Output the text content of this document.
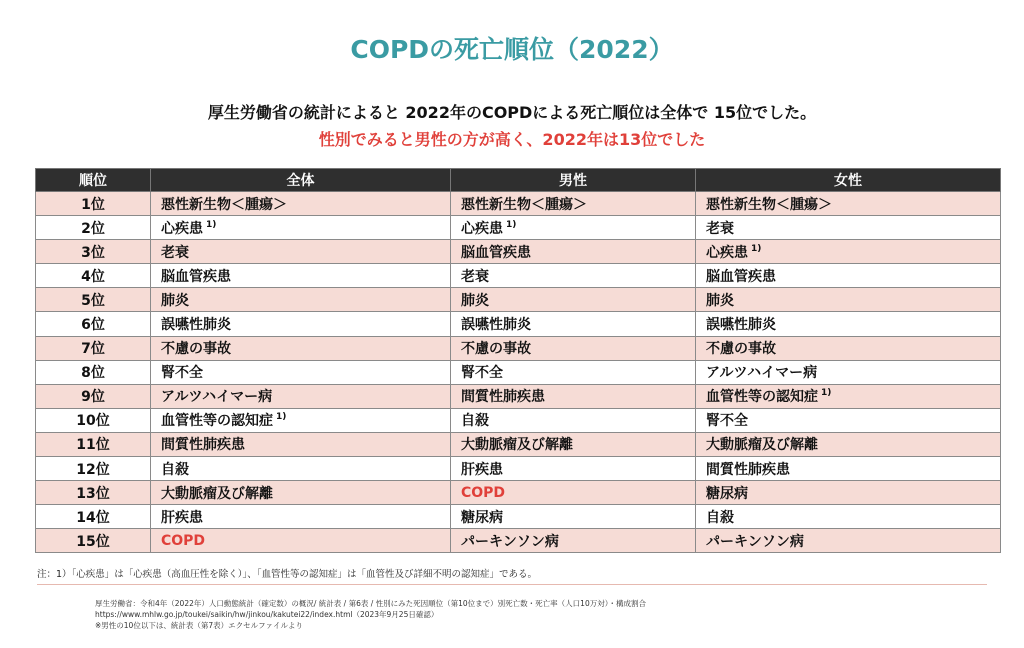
COPDの死亡順位（2022）
厚生労働省の統計によると 2022年のCOPDによる死亡順位は全体で 15位でした。
性別でみると男性の方が高く、2022年は13位でした
順位	全体	男性	女性
1位	悪性新生物＜腫瘍＞	悪性新生物＜腫瘍＞	悪性新生物＜腫瘍＞
2位	心疾患 $^{1)}$	心疾患 $^{1)}$	老衰
3位	老衰	脳血管疾患	心疾患 $^{1)}$
4位	脳血管疾患	老衰	脳血管疾患
5位	肺炎	肺炎	肺炎
6位	誤嚥性肺炎	誤嚥性肺炎	誤嚥性肺炎
7位	不慮の事故	不慮の事故	不慮の事故
8位	腎不全	腎不全	アルツハイマー病
9位	アルツハイマー病	間質性肺疾患	血管性等の認知症 $^{1)}$
10位	血管性等の認知症 $^{1)}$	自殺	腎不全
11位	間質性肺疾患	大動脈瘤及び解離	大動脈瘤及び解離
12位	自殺	肝疾患	間質性肺疾患
13位	大動脈瘤及び解離	COPD	糖尿病
14位	肝疾患	糖尿病	自殺
15位	COPD	パーキンソン病	パーキンソン病
注：1）「心疾患」は「心疾患（高血圧性を除く）」、「血管性等の認知症」は「血管性及び詳細不明の認知症」である。
厚生労働省：令和4年（2022年）人口動態統計（確定数）の概況/ 統計表 / 第6表 / 性別にみた死因順位（第10位まで）別死亡数・死亡率（人口10万対）・構成割合
https://www.mhlw.go.jp/toukei/saikin/hw/jinkou/kakutei22/index.html（2023年9月25日確認）
※男性の10位以下は、統計表（第7表）エクセルファイルより
